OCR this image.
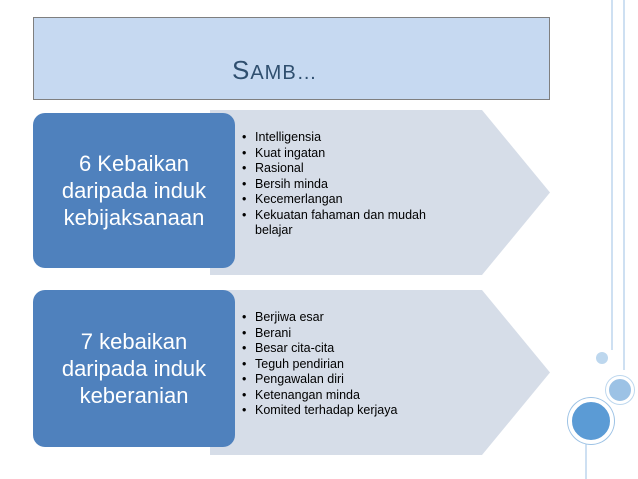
SAMB…
6 Kebaikan daripada induk kebijaksanaan
• Intelligensia
• Kuat ingatan
• Rasional
• Bersih minda
• Kecemerlangan
• Kekuatan fahaman dan mudah belajar
7 kebaikan daripada induk keberanian
• Berjiwa esar
• Berani
• Besar cita-cita
• Teguh pendirian
• Pengawalan diri
• Ketenangan minda
• Komited terhadap kerjaya
